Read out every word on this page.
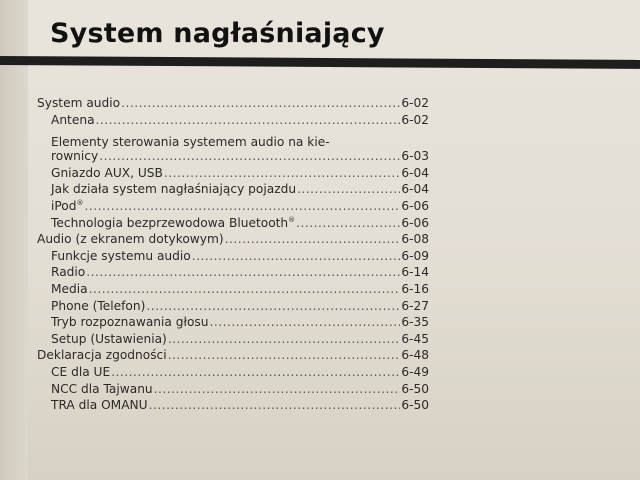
System nagłaśniający
System audio .....	6-02
Antena .....	6-02
Elementy sterowania systemem audio na kie-
rownicy .....	6-03
Gniazdo AUX, USB .....	6-04
Jak działa system nagłaśniający pojazdu .....	6-04
iPod® .....	6-06
Technologia bezprzewodowa Bluetooth® .....	6-06
Audio (z ekranem dotykowym) .....	6-08
Funkcje systemu audio .....	6-09
Radio .....	6-14
Media .....	6-16
Phone (Telefon) .....	6-27
Tryb rozpoznawania głosu .....	6-35
Setup (Ustawienia) .....	6-45
Deklaracja zgodności .....	6-48
CE dla UE .....	6-49
NCC dla Tajwanu .....	6-50
TRA dla OMANU .....	6-50
